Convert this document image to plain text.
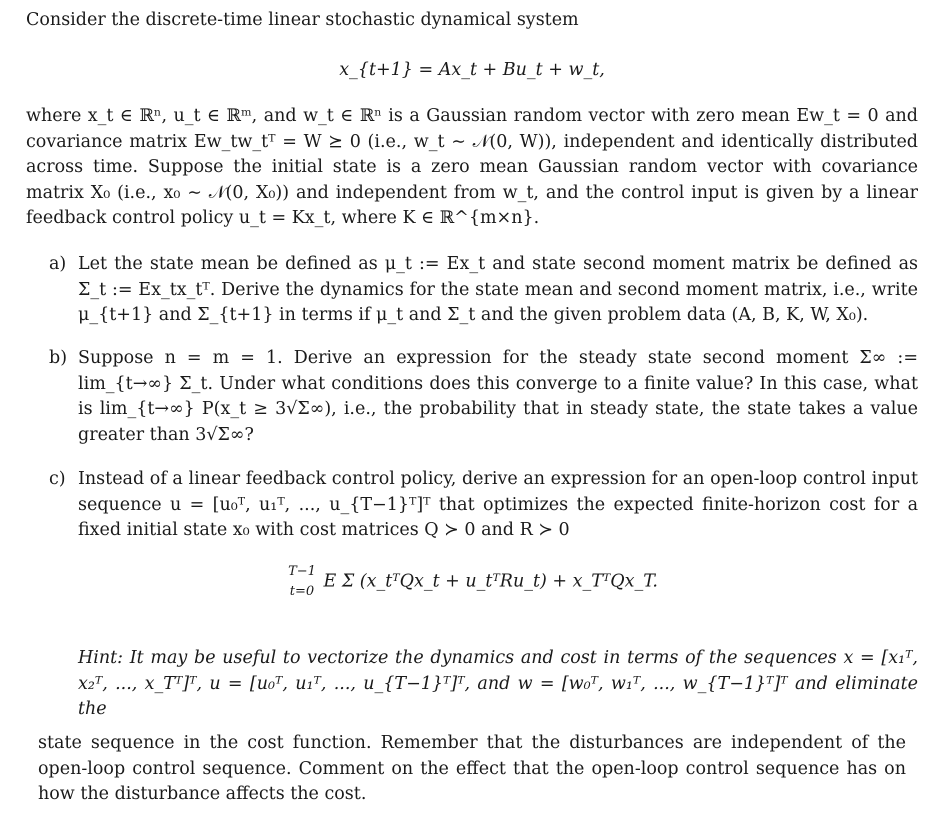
Consider the discrete-time linear stochastic dynamical system
x_{t+1} = Ax_t + Bu_t + w_t,
where x_t ∈ ℝⁿ, u_t ∈ ℝᵐ, and w_t ∈ ℝⁿ is a Gaussian random vector with zero mean Ew_t = 0 and covariance matrix Ew_tw_tᵀ = W ⪰ 0 (i.e., w_t ∼ 𝒩(0, W)), independent and identically distributed across time. Suppose the initial state is a zero mean Gaussian random vector with covariance matrix X₀ (i.e., x₀ ∼ 𝒩(0, X₀)) and independent from w_t, and the control input is given by a linear feedback control policy u_t = Kx_t, where K ∈ ℝ^{m×n}.
a) Let the state mean be defined as μ_t := Ex_t and state second moment matrix be defined as Σ_t := Ex_tx_tᵀ. Derive the dynamics for the state mean and second moment matrix, i.e., write μ_{t+1} and Σ_{t+1} in terms if μ_t and Σ_t and the given problem data (A, B, K, W, X₀).
b) Suppose n = m = 1. Derive an expression for the steady state second moment Σ∞ := lim_{t→∞} Σ_t. Under what conditions does this converge to a finite value? In this case, what is lim_{t→∞} P(x_t ≥ 3√Σ∞), i.e., the probability that in steady state, the state takes a value greater than 3√Σ∞?
c) Instead of a linear feedback control policy, derive an expression for an open-loop control input sequence u = [u₀ᵀ, u₁ᵀ, ..., u_{T−1}ᵀ]ᵀ that optimizes the expected finite-horizon cost for a fixed initial state x₀ with cost matrices Q ≻ 0 and R ≻ 0
T−1
t=0 E Σ (x_tᵀQx_t + u_tᵀRu_t) + x_TᵀQx_T.
Hint: It may be useful to vectorize the dynamics and cost in terms of the sequences x = [x₁ᵀ, x₂ᵀ, ..., x_Tᵀ]ᵀ, u = [u₀ᵀ, u₁ᵀ, ..., u_{T−1}ᵀ]ᵀ, and w = [w₀ᵀ, w₁ᵀ, ..., w_{T−1}ᵀ]ᵀ and eliminate the
state sequence in the cost function. Remember that the disturbances are independent of the open-loop control sequence. Comment on the effect that the open-loop control sequence has on how the disturbance affects the cost.
